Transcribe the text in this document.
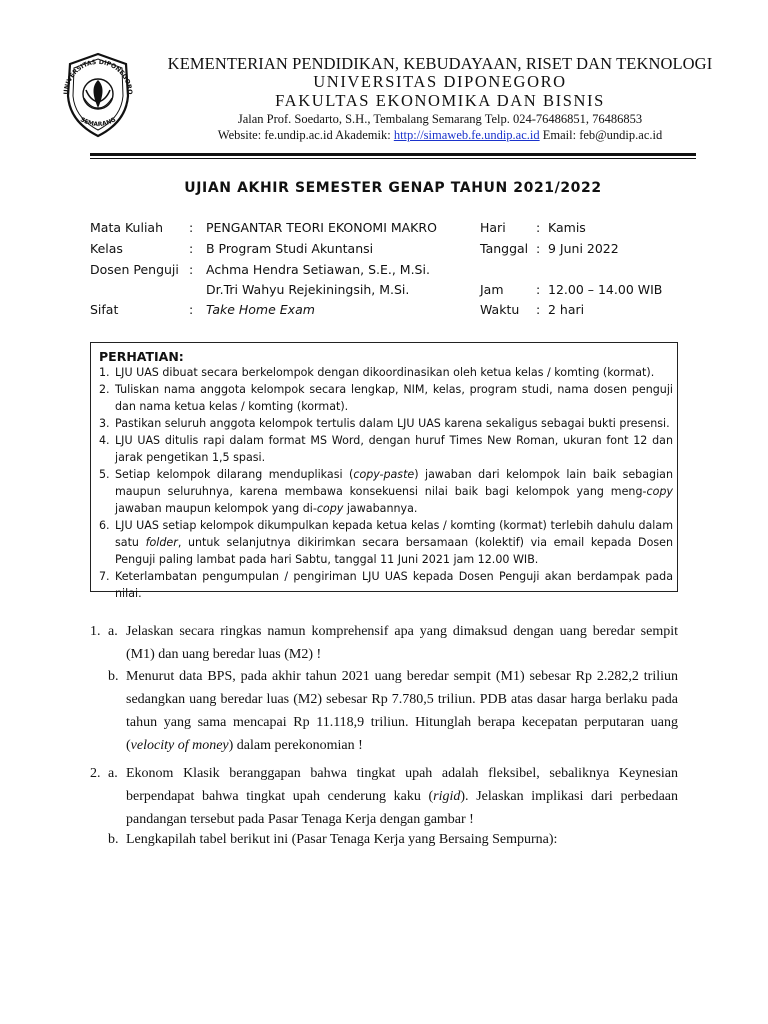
UNIVERSITAS DIPONEGORO
SEMARANG
KEMENTERIAN PENDIDIKAN, KEBUDAYAAN, RISET DAN TEKNOLOGI
UNIVERSITAS DIPONEGORO
FAKULTAS EKONOMIKA DAN BISNIS
Jalan Prof. Soedarto, S.H., Tembalang Semarang Telp. 024-76486851, 76486853
Website: fe.undip.ac.id Akademik: http://simaweb.fe.undip.ac.id Email: feb@undip.ac.id
UJIAN AKHIR SEMESTER GENAP TAHUN 2021/2022
Mata Kuliah : PENGANTAR TEORI EKONOMI MAKRO	Hari : Kamis
Kelas	: B Program Studi Akuntansi	Tanggal : 9 Juni 2022
Dosen Penguji : Achma Hendra Setiawan, S.E., M.Si.
Dr.Tri Wahyu Rejekiningsih, M.Si.	Jam	: 12.00 – 14.00 WIB
Sifat	: Take Home Exam	Waktu : 2 hari
PERHATIAN:
1. LJU UAS dibuat secara berkelompok dengan dikoordinasikan oleh ketua kelas / komting (kormat).
2. Tuliskan nama anggota kelompok secara lengkap, NIM, kelas, program studi, nama dosen penguji dan nama ketua kelas / komting (kormat).
3. Pastikan seluruh anggota kelompok tertulis dalam LJU UAS karena sekaligus sebagai bukti presensi.
4. LJU UAS ditulis rapi dalam format MS Word, dengan huruf Times New Roman, ukuran font 12 dan jarak pengetikan 1,5 spasi.
5. Setiap kelompok dilarang menduplikasi (copy-paste) jawaban dari kelompok lain baik sebagian maupun seluruhnya, karena membawa konsekuensi nilai baik bagi kelompok yang meng-copy jawaban maupun kelompok yang di-copy jawabannya.
6. LJU UAS setiap kelompok dikumpulkan kepada ketua kelas / komting (kormat) terlebih dahulu dalam satu folder, untuk selanjutnya dikirimkan secara bersamaan (kolektif) via email kepada Dosen Penguji paling lambat pada hari Sabtu, tanggal 11 Juni 2021 jam 12.00 WIB.
7. Keterlambatan pengumpulan / pengiriman LJU UAS kepada Dosen Penguji akan berdampak pada nilai.
1. a. Jelaskan secara ringkas namun komprehensif apa yang dimaksud dengan uang beredar sempit (M1) dan uang beredar luas (M2) !
b. Menurut data BPS, pada akhir tahun 2021 uang beredar sempit (M1) sebesar Rp 2.282,2 triliun sedangkan uang beredar luas (M2) sebesar Rp 7.780,5 triliun. PDB atas dasar harga berlaku pada tahun yang sama mencapai Rp 11.118,9 triliun. Hitunglah berapa kecepatan perputaran uang (velocity of money) dalam perekonomian !
2. a. Ekonom Klasik beranggapan bahwa tingkat upah adalah fleksibel, sebaliknya Keynesian berpendapat bahwa tingkat upah cenderung kaku (rigid). Jelaskan implikasi dari perbedaan pandangan tersebut pada Pasar Tenaga Kerja dengan gambar !
b. Lengkapilah tabel berikut ini (Pasar Tenaga Kerja yang Bersaing Sempurna):
